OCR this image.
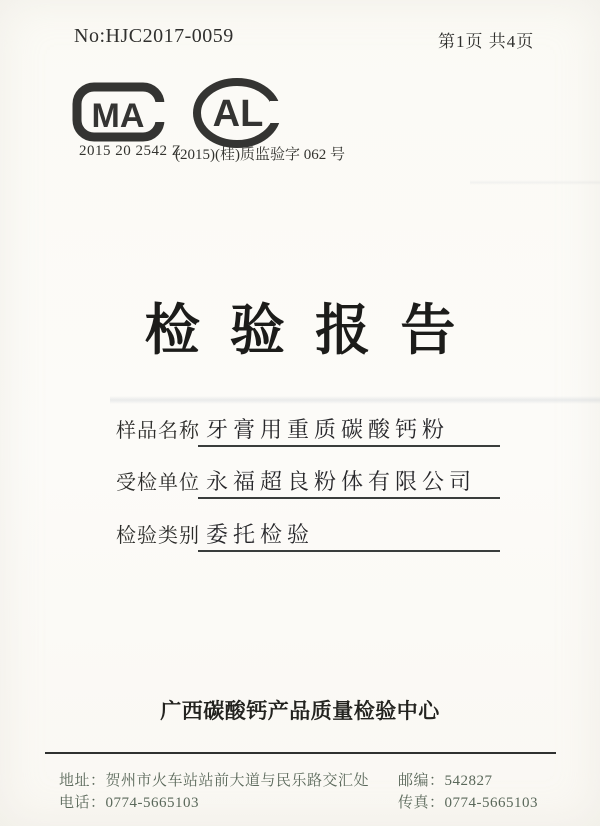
No:HJC2017-0059	第1页 共4页
MA AL
2015 20 2542 Z
(2015)(桂)质监验字 062 号
检验报告
样品名称 牙膏用重质碳酸钙粉
受检单位 永福超良粉体有限公司
检验类别 委托检验
广西碳酸钙产品质量检验中心
地址：贺州市火车站站前大道与民乐路交汇处
电话：0774-5665103
邮编：542827
传真：0774-5665103
